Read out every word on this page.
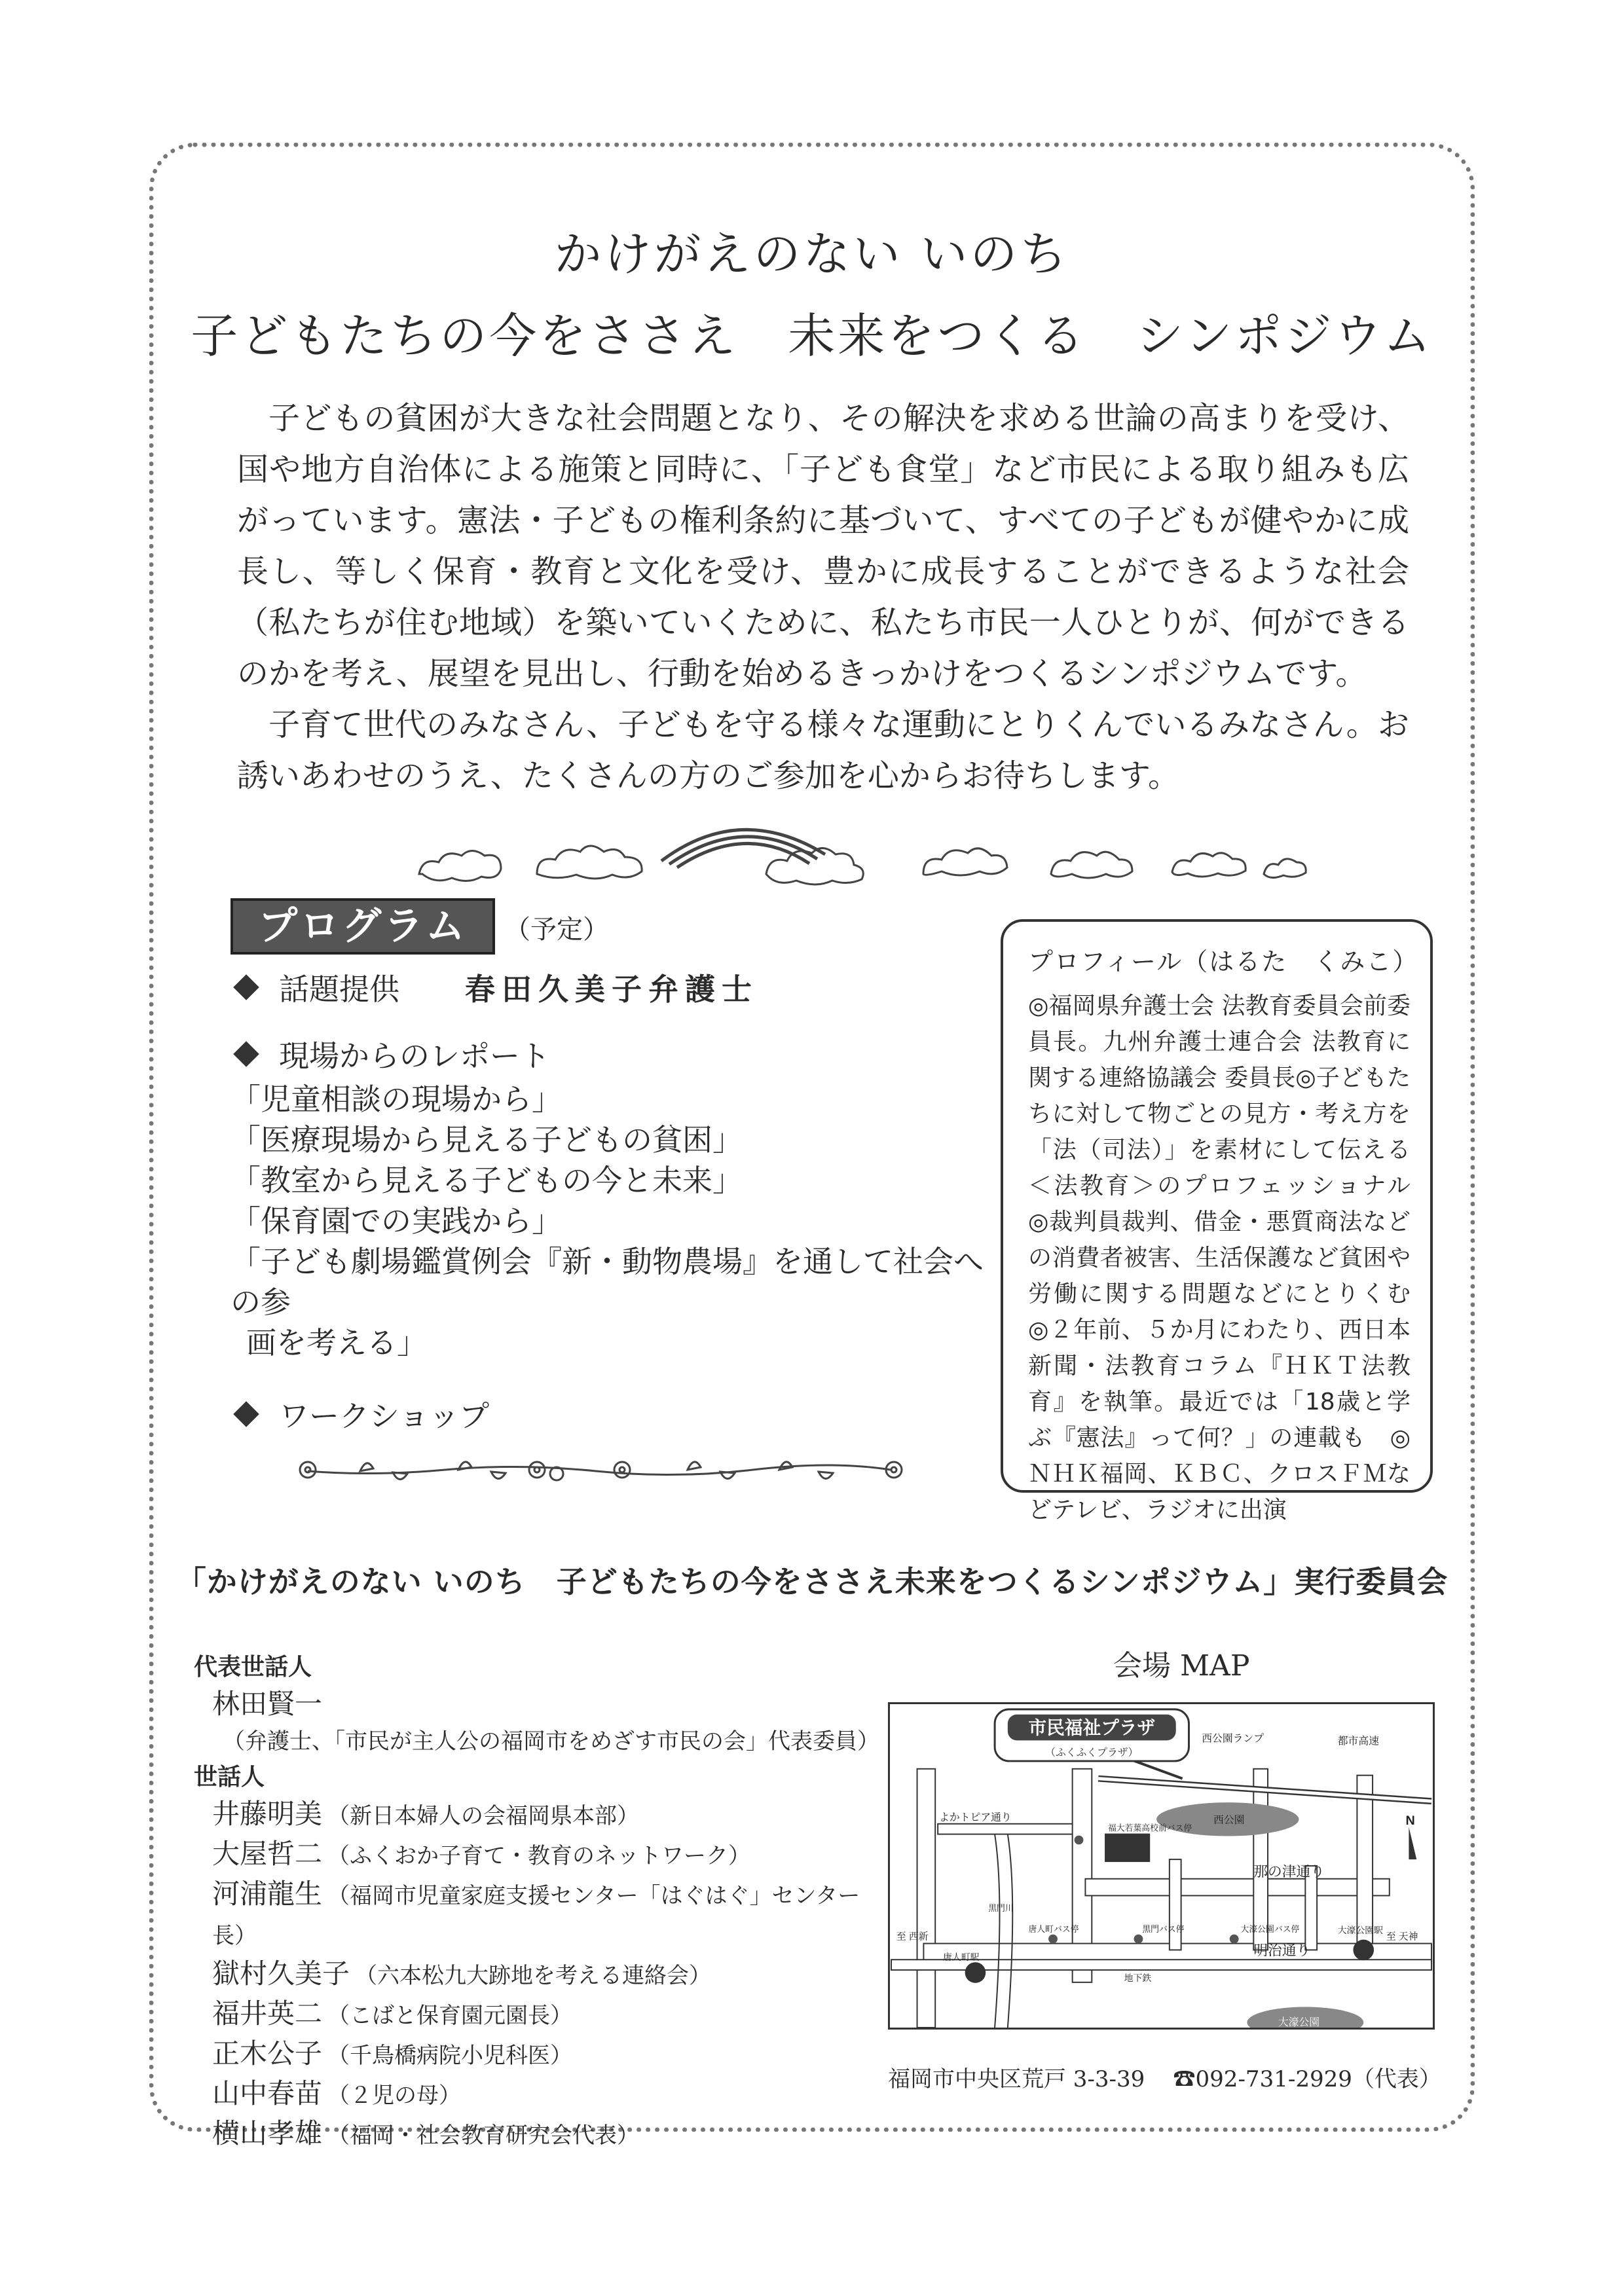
かけがえのない いのち
子どもたちの今をささえ　未来をつくる　シンポジウム

子どもの貧困が大きな社会問題となり、その解決を求める世論の高まりを受け、国や地方自治体による施策と同時に、「子ども食堂」など市民による取り組みも広がっています。憲法・子どもの権利条約に基づいて、すべての子どもが健やかに成長し、等しく保育・教育と文化を受け、豊かに成長することができるような社会（私たちが住む地域）を築いていくために、私たち市民一人ひとりが、何ができるのかを考え、展望を見出し、行動を始めるきっかけをつくるシンポジウムです。

子育て世代のみなさん、子どもを守る様々な運動にとりくんでいるみなさん。お誘いあわせのうえ、たくさんの方のご参加を心からお待ちします。

プログラム	（予定）
話題提供 春田久美子弁護士
現場からのレポート
「児童相談の現場から」
「医療現場から見える子どもの貧困」
「教室から見える子どもの今と未来」
「保育園での実践から」
「子ども劇場鑑賞例会『新・動物農場』を通して社会への参
画を考える」
ワークショップ
プロフィール（はるた　くみこ）
◎福岡県弁護士会 法教育委員会前委員長。九州弁護士連合会 法教育に関する連絡協議会 委員長◎子どもたちに対して物ごとの見方・考え方を「法（司法）」を素材にして伝える＜法教育＞のプロフェッショナル　◎裁判員裁判、借金・悪質商法などの消費者被害、生活保護など貧困や労働に関する問題などにとりくむ　◎２年前、５か月にわたり、西日本新聞・法教育コラム『ＨＫＴ法教育』を執筆。最近では「18歳と学ぶ『憲法』って何？」の連載も　◎ＮＨＫ福岡、ＫＢＣ、クロスＦＭなどテレビ、ラジオに出演
「かけがえのない いのち　子どもたちの今をささえ未来をつくるシンポジウム」実行委員会
代表世話人
林田賢一
（弁護士、「市民が主人公の福岡市をめざす市民の会」代表委員）
世話人
井藤明美 （新日本婦人の会福岡県本部）
大屋哲二 （ふくおか子育て・教育のネットワーク）
河浦龍生 （福岡市児童家庭支援センター「はぐはぐ」センター長）
獄村久美子 （六本松九大跡地を考える連絡会）
福井英二 （こばと保育園元園長）
正木公子 （千鳥橋病院小児科医）
山中春苗 （２児の母）
横山孝雄 （福岡・社会教育研究会代表）
会場 MAP
市民福祉プラザ
（ふくふくプラザ）
西公園ランプ	都市高速
西公園
よかトピア通り
那の津通り
福大若葉高校前バス停
明治通り
地下鉄
大濠公園
唐人町駅
大濠公園駅
唐人町バス停	黒門バス停	大濠公園バス停
至 西新	至 天神
黒門川
N
福岡市中央区荒戸 3-3-39 ☎092-731-2929（代表）
